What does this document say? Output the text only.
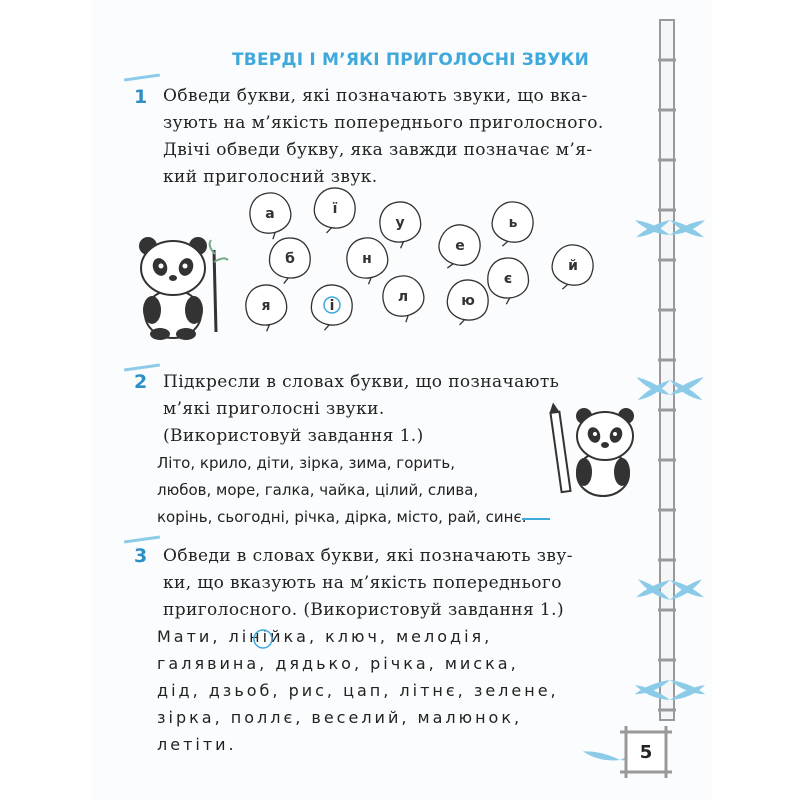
ТВЕРДІ І М’ЯКІ ПРИГОЛОСНІ ЗВУКИ
1 Обведи букви, які позначають звуки, що вка-
зують на м’якість попереднього приголосного.
Двічі обведи букву, яка завжди позначає м’я-
кий приголосний звук.
а	ї
у	ь
б	н
е
є
й
я	і
л	ю
2 Підкресли в словах букви, що позначають
м’які приголосні звуки.
(Використовуй завдання 1.)
Літо, крило, діти, зірка, зима, горить,
любов, море, галка, чайка, цілий, слива,
корінь, сьогодні, річка, дірка, місто, рай, синє.
3 Обведи в словах букви, які позначають зву-
ки, що вказують на м’якість попереднього
приголосного. (Використовуй завдання 1.)
Мати, лінійка, ключ, мелодія,
галявина, дядько, річка, миска,
дід, дзьоб, рис, цап, літнє, зелене,
зірка, поллє, веселий, малюнок,
летіти.	5
